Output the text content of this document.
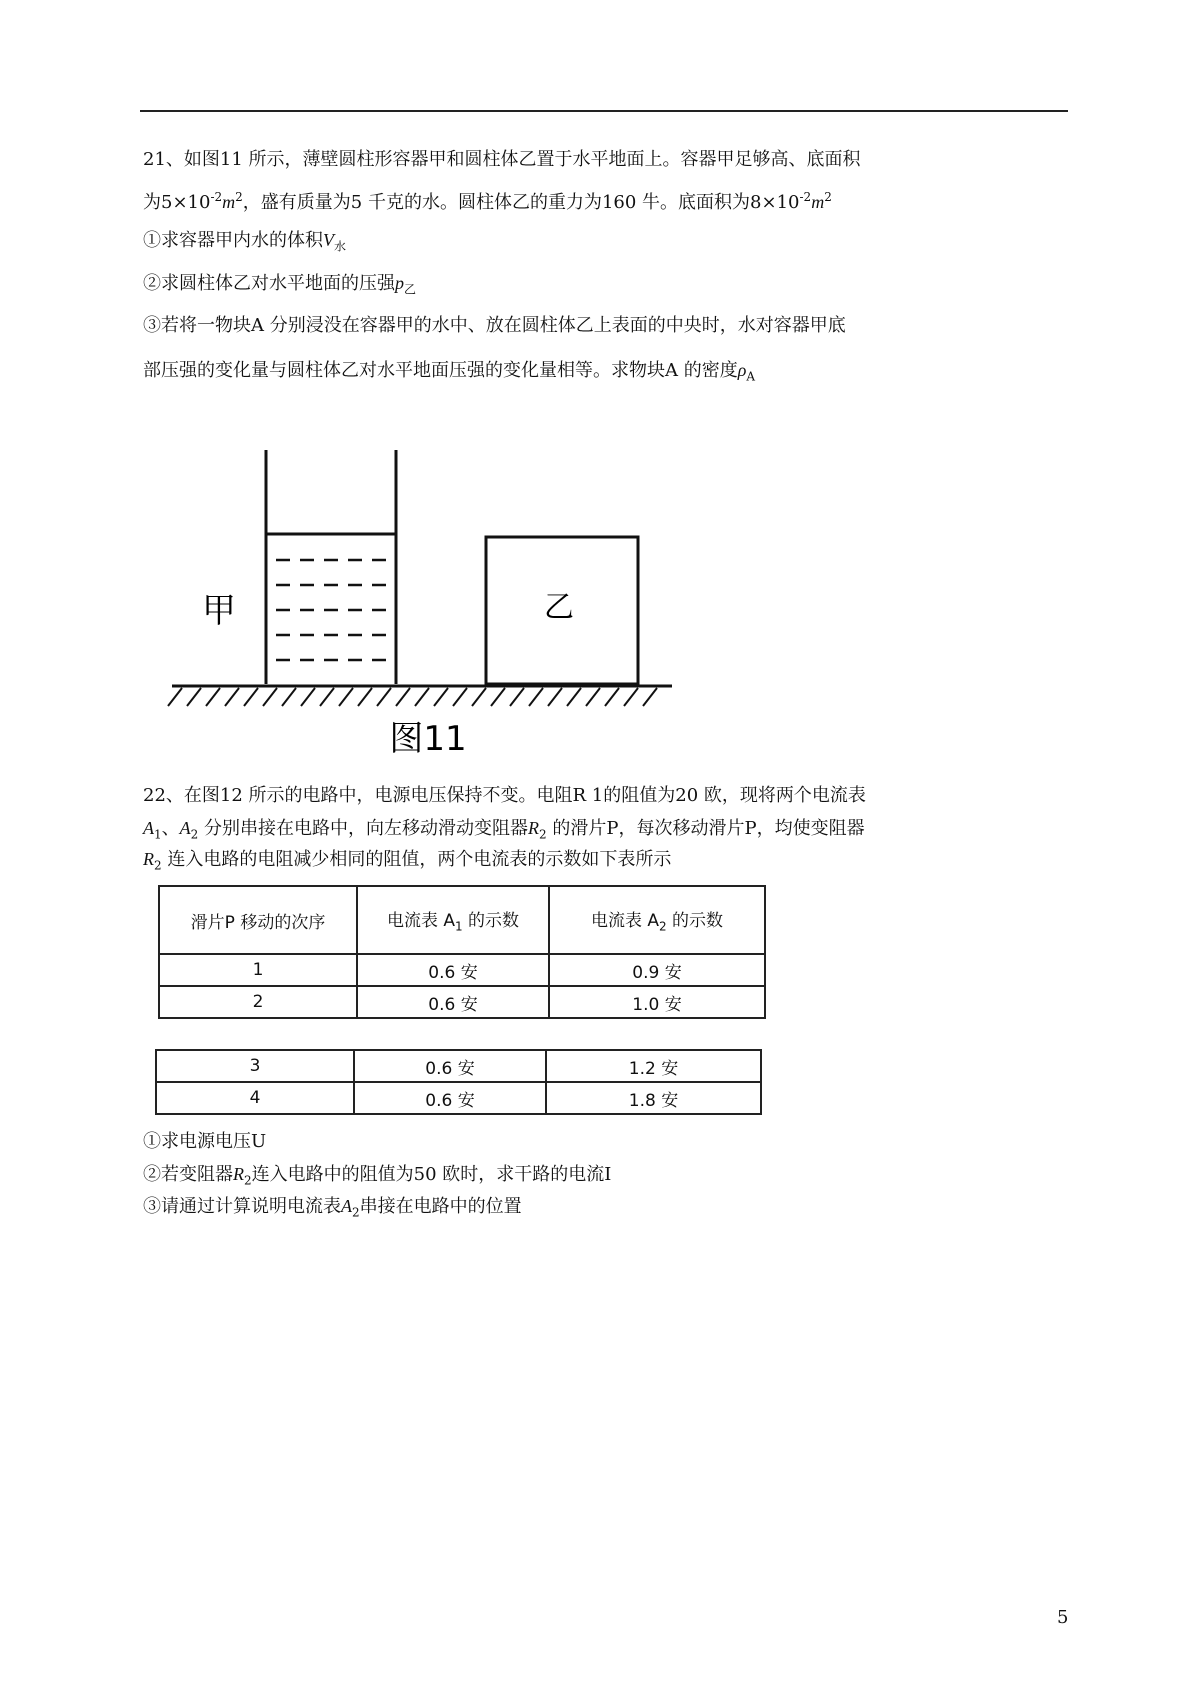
21、如图11 所示，薄壁圆柱形容器甲和圆柱体乙置于水平地面上。容器甲足够高、底面积
为$5\times 10^{-2}m^2$，盛有质量为5 千克的水。圆柱体乙的重力为160 牛。底面积为$8\times 10^{-2}m^2$
①求容器甲内水的体积$V_水$
②求圆柱体乙对水平地面的压强$p_乙$
③若将一物块A 分别浸没在容器甲的水中、放在圆柱体乙上表面的中央时，水对容器甲底
部压强的变化量与圆柱体乙对水平地面压强的变化量相等。求物块A 的密度$\rho_A$
甲	乙
图11
22、在图12 所示的电路中，电源电压保持不变。电阻R 1的阻值为20 欧，现将两个电流表
$A_1$、$A_2$ 分别串接在电路中，向左移动滑动变阻器$R_2$ 的滑片P，每次移动滑片P，均使变阻器
$R_2$ 连入电路的电阻减少相同的阻值，两个电流表的示数如下表所示
滑片P 移动的次序	电流表 $A_1$ 的示数	电流表 $A_2$ 的示数
1	0.6 安	0.9 安
2	0.6 安	1.0 安
3	0.6 安	1.2 安
4	0.6 安	1.8 安
①求电源电压U
②若变阻器$R_2$连入电路中的阻值为50 欧时，求干路的电流I
③请通过计算说明电流表$A_2$串接在电路中的位置
5
